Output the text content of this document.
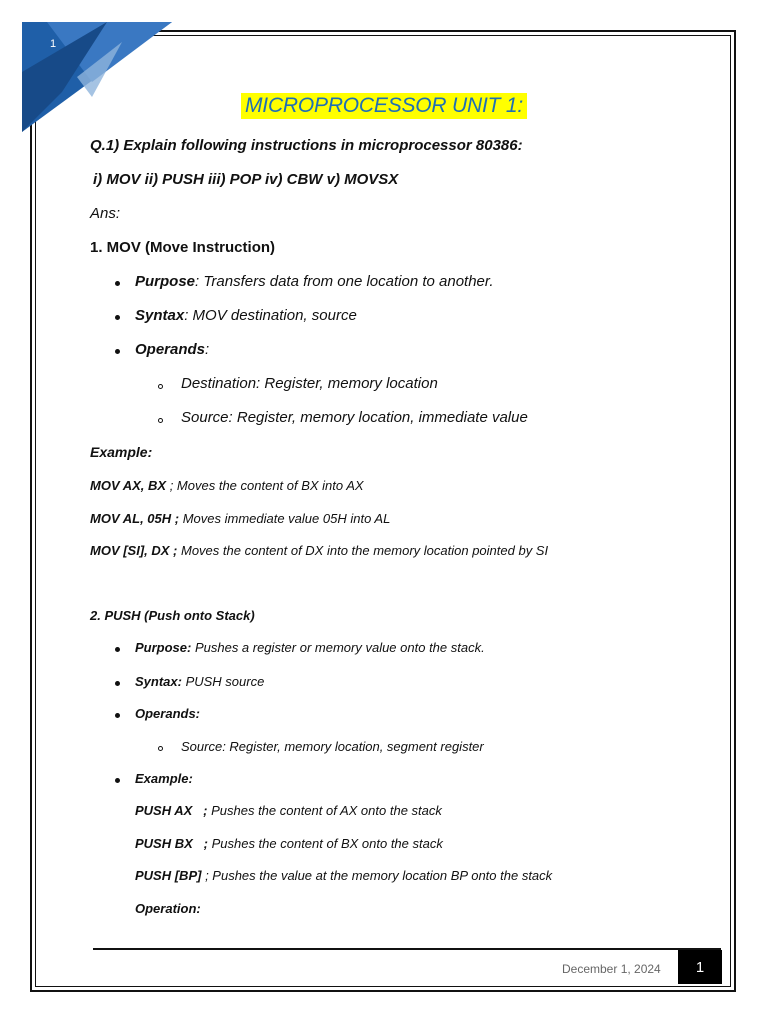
1
MICROPROCESSOR UNIT 1:
Q.1) Explain following instructions in microprocessor 80386:
i) MOV ii) PUSH iii) POP iv) CBW v) MOVSX
Ans:
1. MOV (Move Instruction)
Purpose: Transfers data from one location to another.
Syntax: MOV destination, source
Operands:
Destination: Register, memory location
Source: Register, memory location, immediate value
Example:
MOV AX, BX ; Moves the content of BX into AX
MOV AL, 05H ; Moves immediate value 05H into AL
MOV [SI], DX ; Moves the content of DX into the memory location pointed by SI
2. PUSH (Push onto Stack)
Purpose: Pushes a register or memory value onto the stack.
Syntax: PUSH source
Operands:
Source: Register, memory location, segment register
Example:
PUSH AX   ; Pushes the content of AX onto the stack
PUSH BX   ; Pushes the content of BX onto the stack
PUSH [BP] ; Pushes the value at the memory location BP onto the stack
Operation:
December 1, 2024	1
